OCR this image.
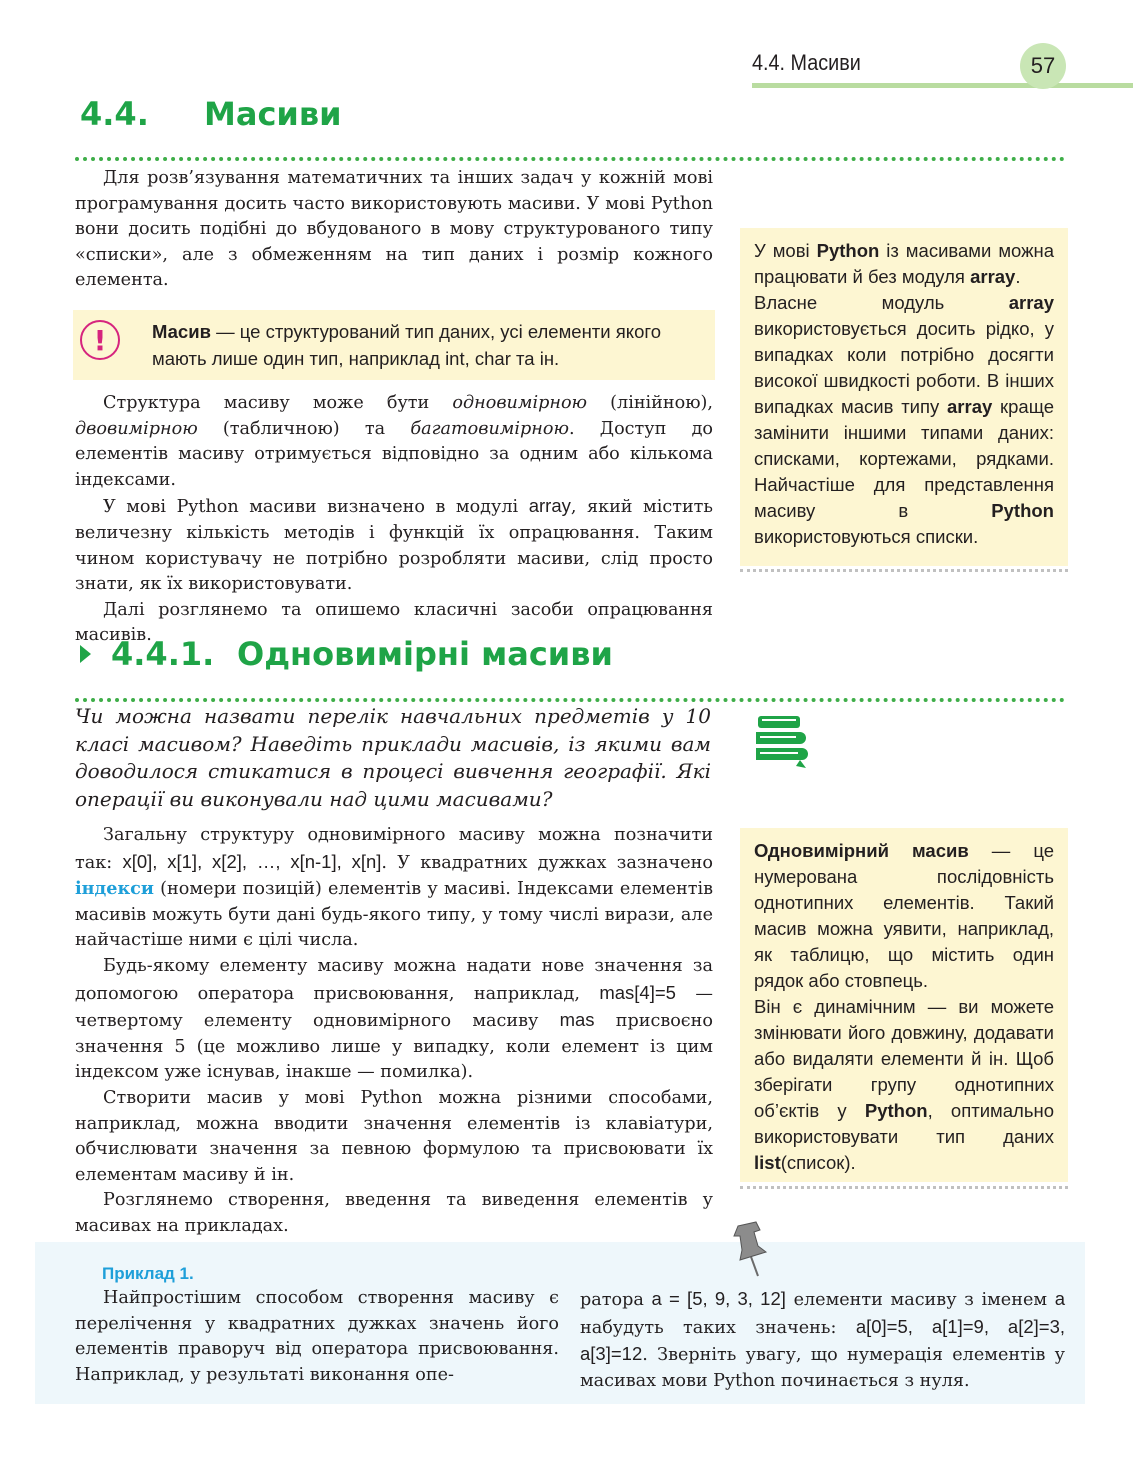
4.4. Масиви	57
4.4. Масиви
Для розв’язування математичних та інших задач у кожній мові програмування досить часто використовують масиви. У мові Python вони досить подібні до вбудованого в мову структурованого типу «списки», але з обмеженням на тип даних і розмір кожного елемента.
!	Масив — це структурований тип даних, усі елементи якого мають лише один тип, наприклад int, char та ін.

Структура масиву може бути одновимірною (лінійною), двовимірною (табличною) та багатовимірною. Доступ до елементів масиву отримується відповідно за одним або кількома індексами.

У мові Python масиви визначено в модулі array, який містить величезну кількість методів і функцій їх опрацювання. Таким чином користувачу не потрібно розробляти масиви, слід просто знати, як їх використовувати.

Далі розглянемо та опишемо класичні засоби опрацювання масивів.

У мові Python із масивами можна працювати й без модуля array.

Власне модуль array використовується досить рідко, у випадках коли потрібно досягти високої швидкості роботи. В інших випадках масив типу array краще замінити іншими типами даних: списками, кортежами, рядками. Найчастіше для представлення масиву в Python використовуються списки.

4.4.1. Одновимірні масиви
Чи можна назвати перелік навчальних предметів у 10 класі масивом? Наведіть приклади масивів, із якими вам доводилося стикатися в процесі вивчення географії. Які операції ви виконували над цими масивами?

Загальну структуру одновимірного масиву можна позначити так: x[0], x[1], x[2], …, x[n-1], x[n]. У квадратних дужках зазначено індекси (номери позицій) елементів у масиві. Індексами елементів масивів можуть бути дані будь-якого типу, у тому числі вирази, але найчастіше ними є цілі числа.

Будь-якому елементу масиву можна надати нове значення за допомогою оператора присвоювання, наприклад, mas[4]=5 — четвертому елементу одновимірного масиву mas присвоєно значення 5 (це можливо лише у випадку, коли елемент із цим індексом уже існував, інакше — помилка).

Створити масив у мові Python можна різними способами, наприклад, можна вводити значення елементів із клавіатури, обчислювати значення за певною формулою та присвоювати їх елементам масиву й ін.

Розглянемо створення, введення та виведення елементів у масивах на прикладах.

Одновимірний масив — це нумерована послідовність однотипних елементів. Такий масив можна уявити, наприклад, як таблицю, що містить один рядок або стовпець.

Він є динамічним — ви можете змінювати його довжину, додавати або видаляти елементи й ін. Щоб зберігати групу однотипних об’єктів у Python, оптимально використовувати тип даних list(список).

Приклад 1.
Найпростішим способом створення масиву є перелічення у квадратних дужках значень його елементів праворуч від оператора присвоювання. Наприклад, у результаті виконання опе-
ратора a = [5, 9, 3, 12] елементи масиву з іменем a набудуть таких значень: a[0]=5, a[1]=9, a[2]=3, a[3]=12. Зверніть увагу, що нумерація елементів у масивах мови Python починається з нуля.
